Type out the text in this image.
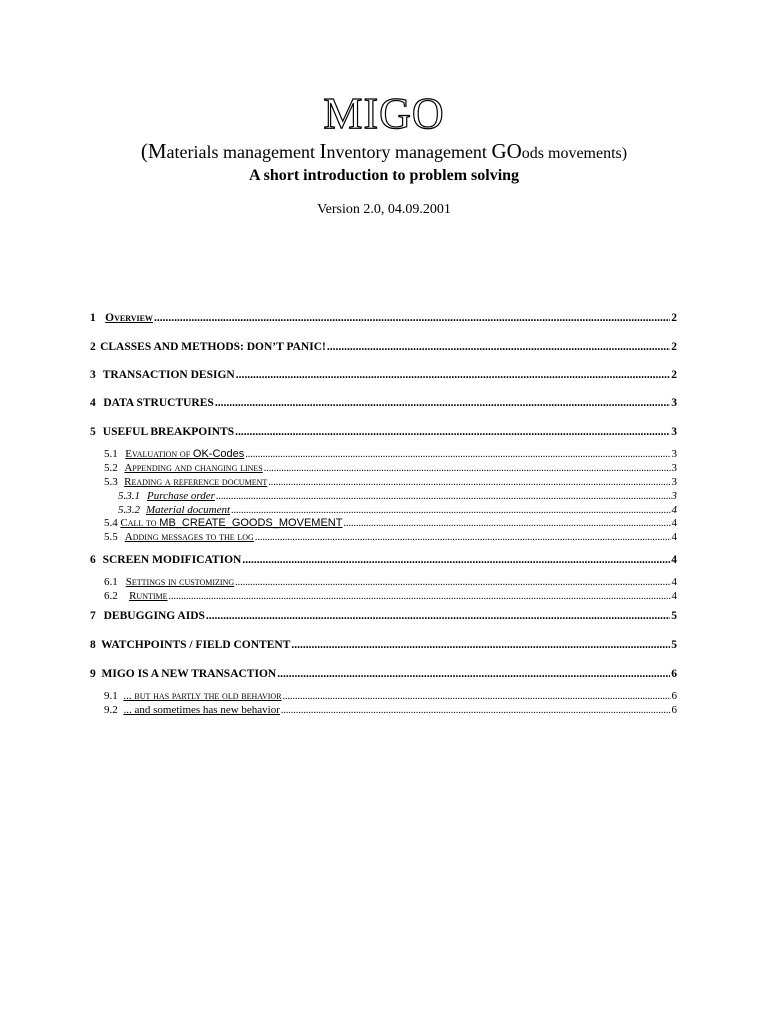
MIGO
(Materials management Inventory management GOods movements)
A short introduction to problem solving
Version 2.0, 04.09.2001
1 Overview .....	2
2 CLASSES AND METHODS: DON’T PANIC! .....	2
3 TRANSACTION DESIGN .....	2
4 DATA STRUCTURES .....	3
5 USEFUL BREAKPOINTS .....	3
5.1 Evaluation of OK-Codes .....	3
5.2 Appending and changing lines .....	3
5.3 Reading a reference document .....	3
5.3.1 Purchase order .....	3
5.3.2 Material document .....	4
5.4 Call to MB_CREATE_GOODS_MOVEMENT .....	4
5.5 Adding messages to the log .....	4
6 SCREEN MODIFICATION .....	4
6.1 Settings in customizing .....	4
6.2	Runtime .....	4
7 DEBUGGING AIDS .....	5
8 WATCHPOINTS / FIELD CONTENT .....	5
9 MIGO IS A NEW TRANSACTION .....	6
9.1 ... but has partly the old behavior .....	6
9.2 ... and sometimes has new behavior .....	6
